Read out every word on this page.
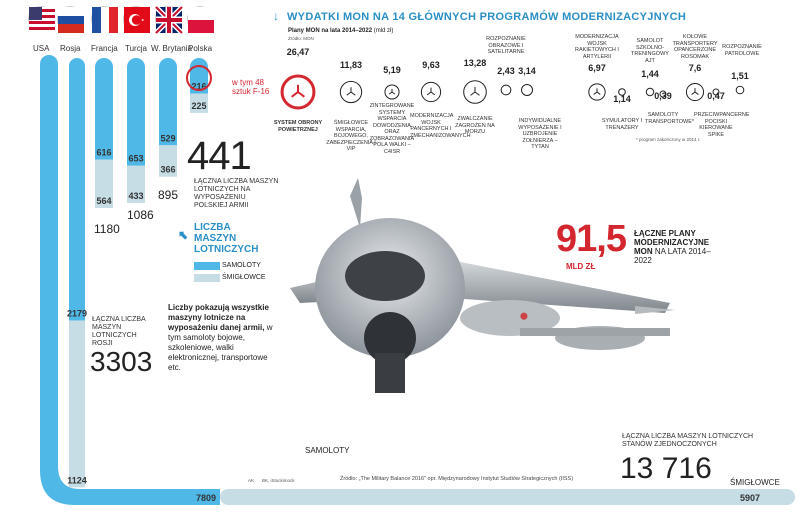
USA Rosja Francja Turcja W. Brytania
Polska
2179
1124
616
564
653
433
529
366
216
225
7809	5907
441
ŁĄCZNA LICZBA MASZYN LOTNICZYCH NA WYPOSAŻENIU POLSKIEJ ARMII
w tym 48 sztuk F-16
895
1086
1180
3303
ŁĄCZNA LICZBA MASZYN LOTNICZYCH ROSJI
⬉
LICZBA MASZYN LOTNICZYCH
SAMOLOTY
ŚMIGŁOWCE
Liczby pokazują wszystkie maszyny lotnicze na wyposażeniu danej armii, w tym samoloty bojowe, szkoleniowe, walki elektronicznej, transportowe etc.
SAMOLOTY
ŚMIGŁOWCE
ŁĄCZNA LICZBA MASZYN LOTNICZYCH STANÓW ZJEDNOCZONYCH
13 716
Źródło: „The Military Balance 2016" opr. Międzynarodowy Instytut Studiów Strategicznych (IISS)
AK BK, iStockimock
↓ WYDATKI MON NA 14 GŁÓWNYCH PROGRAMÓW MODERNIZACYJNYCH
Plany MON na lata 2014–2022 (mld zł)
Źródło: MON
26,47
SYSTEM OBRONY POWIETRZNEJ
11,83
ŚMIGŁOWCE WSPARCIA, BOJOWEGO, ZABEZPIECZENIA I VIP
5,19
ZINTEGROWANE SYSTEMY WSPARCIA DOWODZENIA ORAZ ZOBRAZOWANIA POLA WALKI – C4ISR
9,63
MODERNIZACJA WOJSK PANCERNYCH I ZMECHANIZOWANYCH
13,28
ZWALCZANIE ZAGROŻEŃ NA MORZU
2,43
ROZPOZNANIE OBRAZOWE I SATELITARNE
3,14
INDYWIDUALNE WYPOSAŻENIE I UZBROJENIE ŻOŁNIERZA – TYTAN
6,97
MODERNIZACJA WOJSK RAKIETOWYCH I ARTYLERII
1,14
SYMULATORY I TRENAŻERY
1,44
SAMOLOT SZKOLNO-TRENINGOWY AJT
0,39
SAMOLOTY TRANSPORTOWE*
7,6
KOŁOWE TRANSPORTERY OPANCERZONE ROSOMAK
0,47
PRZECIWPANCERNE POCISKI KIEROWANE SPIKE
1,51
ROZPOZNANIE PATROLOWE
* program zakończony w 2014 r.
91,5
MLD ZŁ
ŁĄCZNE PLANY MODERNIZACYJNE MON NA LATA 2014–2022
⬤
